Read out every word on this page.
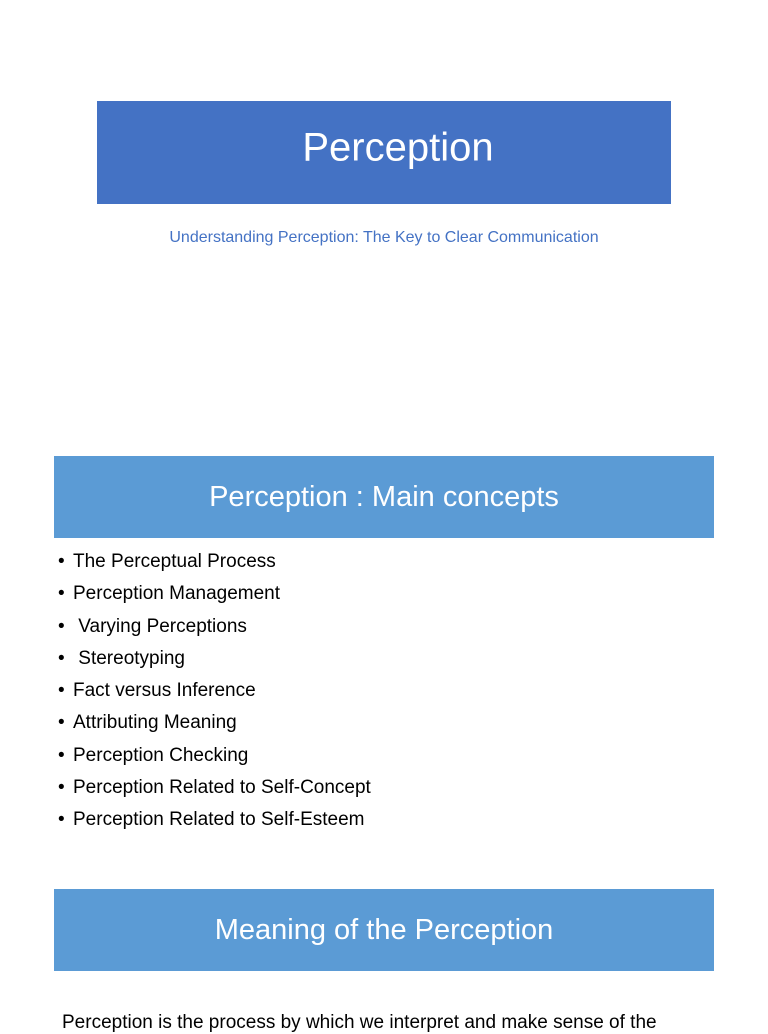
Perception
Understanding Perception: The Key to Clear Communication
Perception : Main concepts
• The Perceptual Process
• Perception Management
• Varying Perceptions
• Stereotyping
• Fact versus Inference
• Attributing Meaning
• Perception Checking
• Perception Related to Self-Concept
• Perception Related to Self-Esteem
Meaning of the Perception
Perception is the process by which we interpret and make sense of the
